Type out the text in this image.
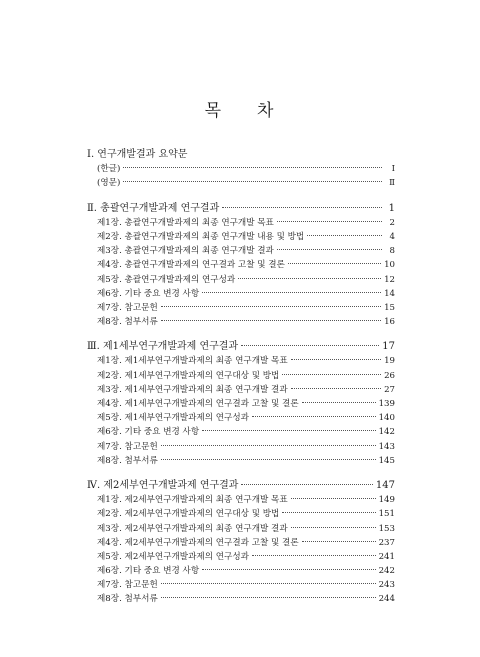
목 차
Ⅰ. 연구개발결과 요약문
(한글)	Ⅰ
(영문)	Ⅱ
Ⅱ. 총괄연구개발과제 연구결과	1
제1장. 총괄연구개발과제의 최종 연구개발 목표	2
제2장. 총괄연구개발과제의 최종 연구개발 내용 및 방법	4
제3장. 총괄연구개발과제의 최종 연구개발 결과	8
제4장. 총괄연구개발과제의 연구결과 고찰 및 결론	10
제5장. 총괄연구개발과제의 연구성과	12
제6장. 기타 중요 변경 사항	14
제7장. 참고문헌	15
제8장. 첨부서류	16
Ⅲ. 제1세부연구개발과제 연구결과	17
제1장. 제1세부연구개발과제의 최종 연구개발 목표	19
제2장. 제1세부연구개발과제의 연구대상 및 방법	26
제3장. 제1세부연구개발과제의 최종 연구개발 결과	27
제4장. 제1세부연구개발과제의 연구결과 고찰 및 결론	139
제5장. 제1세부연구개발과제의 연구성과	140
제6장. 기타 중요 변경 사항	142
제7장. 참고문헌	143
제8장. 첨부서류	145
Ⅳ. 제2세부연구개발과제 연구결과	147
제1장. 제2세부연구개발과제의 최종 연구개발 목표	149
제2장. 제2세부연구개발과제의 연구대상 및 방법	151
제3장. 제2세부연구개발과제의 최종 연구개발 결과	153
제4장. 제2세부연구개발과제의 연구결과 고찰 및 결론	237
제5장. 제2세부연구개발과제의 연구성과	241
제6장. 기타 중요 변경 사항	242
제7장. 참고문헌	243
제8장. 첨부서류	244
